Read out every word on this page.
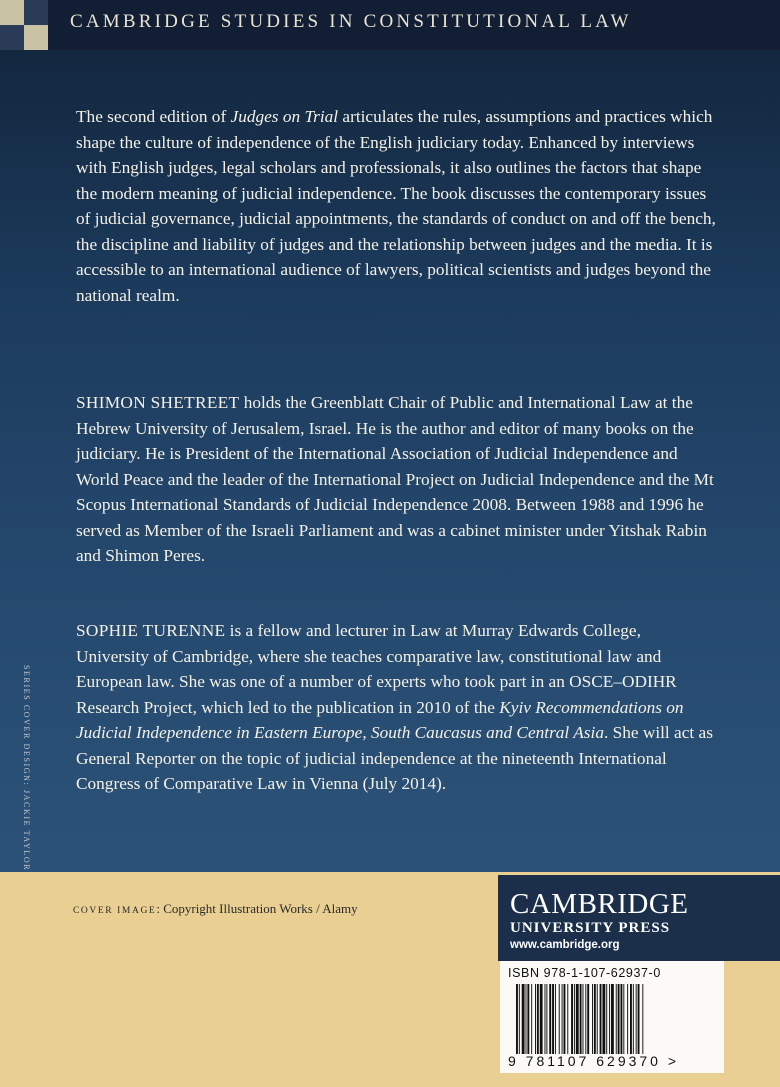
CAMBRIDGE STUDIES IN CONSTITUTIONAL LAW
The second edition of Judges on Trial articulates the rules, assumptions and practices which shape the culture of independence of the English judiciary today. Enhanced by interviews with English judges, legal scholars and professionals, it also outlines the factors that shape the modern meaning of judicial independence. The book discusses the contemporary issues of judicial governance, judicial appointments, the standards of conduct on and off the bench, the discipline and liability of judges and the relationship between judges and the media. It is accessible to an international audience of lawyers, political scientists and judges beyond the national realm.
SHIMON SHETREET holds the Greenblatt Chair of Public and International Law at the Hebrew University of Jerusalem, Israel. He is the author and editor of many books on the judiciary. He is President of the International Association of Judicial Independence and World Peace and the leader of the International Project on Judicial Independence and the Mt Scopus International Standards of Judicial Independence 2008. Between 1988 and 1996 he served as Member of the Israeli Parliament and was a cabinet minister under Yitshak Rabin and Shimon Peres.
SOPHIE TURENNE is a fellow and lecturer in Law at Murray Edwards College, University of Cambridge, where she teaches comparative law, constitutional law and European law. She was one of a number of experts who took part in an OSCE–ODIHR Research Project, which led to the publication in 2010 of the Kyiv Recommendations on Judicial Independence in Eastern Europe, South Caucasus and Central Asia. She will act as General Reporter on the topic of judicial independence at the nineteenth International Congress of Comparative Law in Vienna (July 2014).
SERIES COVER DESIGN: JACKIE TAYLOR
COVER IMAGE: Copyright Illustration Works / Alamy	CAMBRIDGE
UNIVERSITY PRESS
www.cambridge.org
ISBN 978-1-107-62937-0
9 781107 629370 >
